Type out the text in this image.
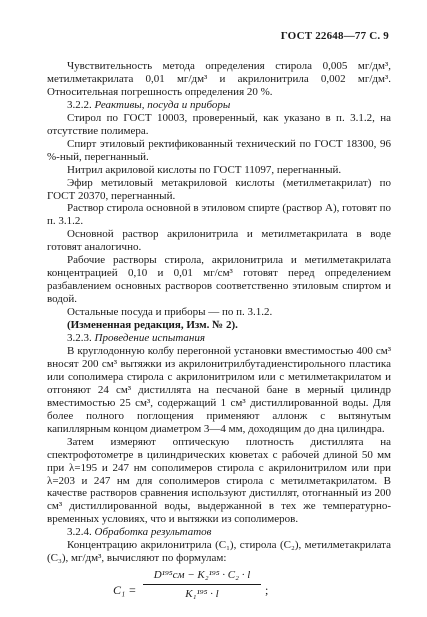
ГОСТ 22648—77 С. 9

Чувствительность метода определения стирола 0,005 мг/дм³, метилметакрилата 0,01 мг/дм³ и акрилонитрила 0,002 мг/дм³. Относительная погрешность определения 20 %.

3.2.2. Реактивы, посуда и приборы

Стирол по ГОСТ 10003, проверенный, как указано в п. 3.1.2, на отсутствие полимера.

Спирт этиловый ректификованный технический по ГОСТ 18300, 96 %-ный, перегнанный.

Нитрил акриловой кислоты по ГОСТ 11097, перегнанный.

Эфир метиловый метакриловой кислоты (метилметакрилат) по ГОСТ 20370, перегнанный.

Раствор стирола основной в этиловом спирте (раствор А), готовят по п. 3.1.2.

Основной раствор акрилонитрила и метилметакрилата в воде готовят аналогично.

Рабочие растворы стирола, акрилонитрила и метилметакрилата концентрацией 0,10 и 0,01 мг/см³ готовят перед определением разбавлением основных растворов соответственно этиловым спиртом и водой.

Остальные посуда и приборы — по п. 3.1.2.

(Измененная редакция, Изм. № 2).

3.2.3. Проведение испытания

В круглодонную колбу перегонной установки вместимостью 400 см³ вносят 200 см³ вытяжки из акрилонитрилбутадиенстирольного пластика или сополимера стирола с акрилонитрилом или с метилметакрилатом и отгоняют 24 см³ дистиллята на песчаной бане в мерный цилиндр вместимостью 25 см³, содержащий 1 см³ дистиллированной воды. Для более полного поглощения применяют аллонж с вытянутым капиллярным концом диаметром 3—4 мм, доходящим до дна цилиндра.

Затем измеряют оптическую плотность дистиллята на спектрофотометре в цилиндрических кюветах с рабочей длиной 50 мм при λ=195 и 247 нм сополимеров стирола с акрилонитрилом или при λ=203 и 247 нм для сополимеров стирола с метилметакрилатом. В качестве растворов сравнения используют дистиллят, отогнанный из 200 см³ дистиллированной воды, выдержанной в тех же температурно-временных условиях, что и вытяжки из сополимеров.

3.2.4. Обработка результатов

Концентрацию акрилонитрила (C₁), стирола (C₂), метилметакрилата (C₃), мг/дм³, вычисляют по формулам:

C₁ =
D¹⁹⁵см − K₂¹⁹⁵ · C₂ · l
K₁¹⁹⁵ · l	;
